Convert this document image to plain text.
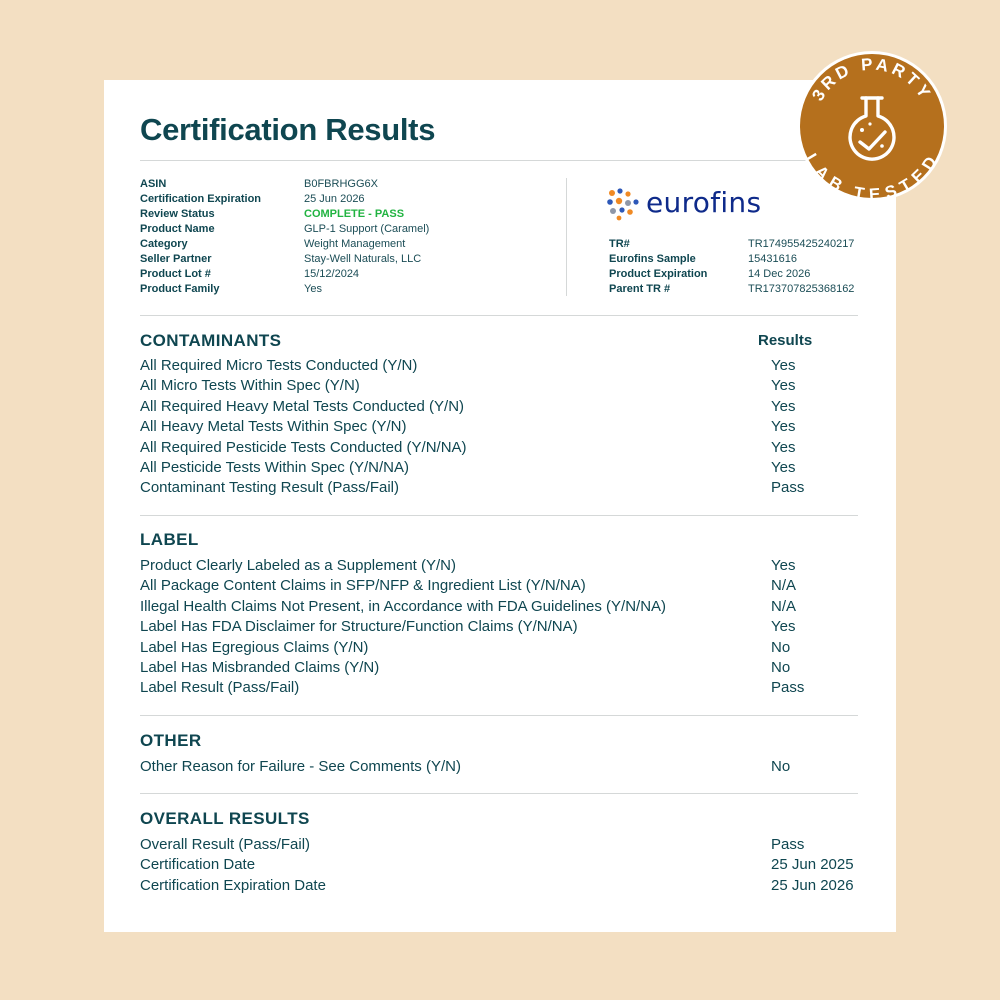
Certification Results
ASIN	B0FBRHGG6X
Certification Expiration	25 Jun 2026
Review Status	COMPLETE - PASS
Product Name	GLP-1 Support (Caramel)
Category	Weight Management
Seller Partner	Stay-Well Naturals, LLC
Product Lot #	15/12/2024
Product Family	Yes
eurofins
TR#	TR174955425240217
Eurofins Sample	15431616
Product Expiration	14 Dec 2026
Parent TR #	TR173707825368162
CONTAMINANTS	Results
All Required Micro Tests Conducted (Y/N)	Yes
All Micro Tests Within Spec (Y/N)	Yes
All Required Heavy Metal Tests Conducted (Y/N)	Yes
All Heavy Metal Tests Within Spec (Y/N)	Yes
All Required Pesticide Tests Conducted (Y/N/NA)	Yes
All Pesticide Tests Within Spec (Y/N/NA)	Yes
Contaminant Testing Result (Pass/Fail)	Pass
LABEL
Product Clearly Labeled as a Supplement (Y/N)	Yes
All Package Content Claims in SFP/NFP & Ingredient List (Y/N/NA)	N/A
Illegal Health Claims Not Present, in Accordance with FDA Guidelines (Y/N/NA)	N/A
Label Has FDA Disclaimer for Structure/Function Claims (Y/N/NA)	Yes
Label Has Egregious Claims (Y/N)	No
Label Has Misbranded Claims (Y/N)	No
Label Result (Pass/Fail)	Pass
OTHER
Other Reason for Failure - See Comments (Y/N)	No
OVERALL RESULTS
Overall Result (Pass/Fail)	Pass
Certification Date	25 Jun 2025
Certification Expiration Date	25 Jun 2026
3RD PARTY
LAB TESTED
